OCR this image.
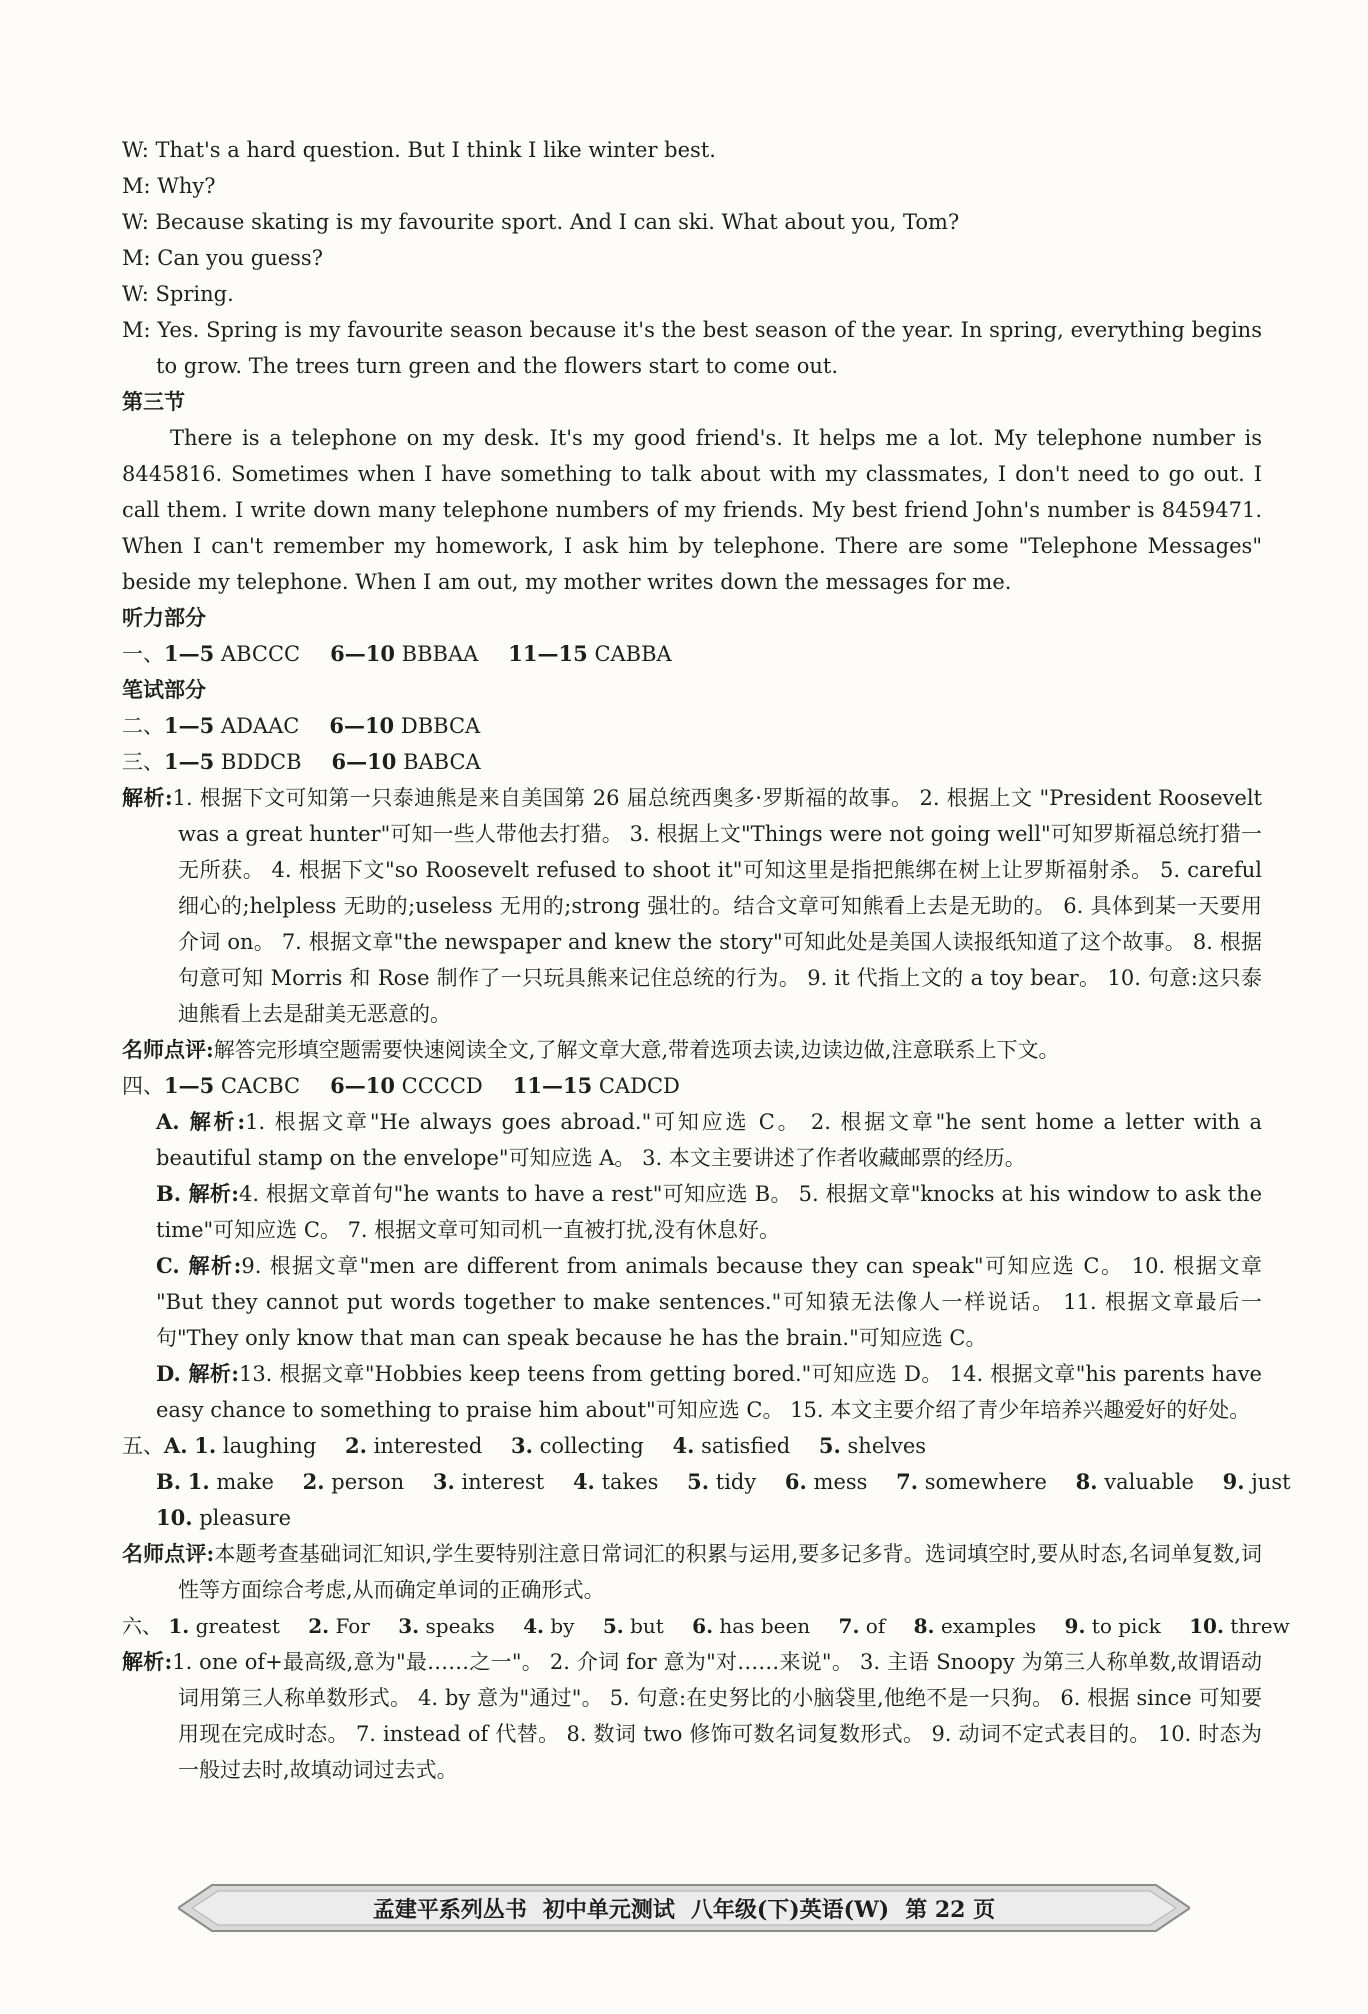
W: That's a hard question. But I think I like winter best.
M: Why?
W: Because skating is my favourite sport. And I can ski. What about you, Tom?
M: Can you guess?
W: Spring.
M: Yes. Spring is my favourite season because it's the best season of the year. In spring, everything begins to grow. The trees turn green and the flowers start to come out.
第三节
There is a telephone on my desk. It's my good friend's. It helps me a lot. My telephone number is 8445816. Sometimes when I have something to talk about with my classmates, I don't need to go out. I call them. I write down many telephone numbers of my friends. My best friend John's number is 8459471. When I can't remember my homework, I ask him by telephone. There are some "Telephone Messages" beside my telephone. When I am out, my mother writes down the messages for me.
听力部分
一、1—5 ABCCC 6—10 BBBAA 11—15 CABBA
笔试部分
二、1—5 ADAAC 6—10 DBBCA
三、1—5 BDDCB 6—10 BABCA
解析:1. 根据下文可知第一只泰迪熊是来自美国第 26 届总统西奥多·罗斯福的故事。 2. 根据上文 "President Roosevelt was a great hunter"可知一些人带他去打猎。 3. 根据上文"Things were not going well"可知罗斯福总统打猎一无所获。 4. 根据下文"so Roosevelt refused to shoot it"可知这里是指把熊绑在树上让罗斯福射杀。 5. careful 细心的;helpless 无助的;useless 无用的;strong 强壮的。结合文章可知熊看上去是无助的。 6. 具体到某一天要用介词 on。 7. 根据文章"the newspaper and knew the story"可知此处是美国人读报纸知道了这个故事。 8. 根据句意可知 Morris 和 Rose 制作了一只玩具熊来记住总统的行为。 9. it 代指上文的 a toy bear。 10. 句意:这只泰迪熊看上去是甜美无恶意的。
名师点评:解答完形填空题需要快速阅读全文,了解文章大意,带着选项去读,边读边做,注意联系上下文。
四、1—5 CACBC 6—10 CCCCD 11—15 CADCD
A. 解析:1. 根据文章"He always goes abroad."可知应选 C。 2. 根据文章"he sent home a letter with a beautiful stamp on the envelope"可知应选 A。 3. 本文主要讲述了作者收藏邮票的经历。
B. 解析:4. 根据文章首句"he wants to have a rest"可知应选 B。 5. 根据文章"knocks at his window to ask the time"可知应选 C。 7. 根据文章可知司机一直被打扰,没有休息好。
C. 解析:9. 根据文章"men are different from animals because they can speak"可知应选 C。 10. 根据文章 "But they cannot put words together to make sentences."可知猿无法像人一样说话。 11. 根据文章最后一句"They only know that man can speak because he has the brain."可知应选 C。
D. 解析:13. 根据文章"Hobbies keep teens from getting bored."可知应选 D。 14. 根据文章"his parents have easy chance to something to praise him about"可知应选 C。 15. 本文主要介绍了青少年培养兴趣爱好的好处。
五、A. 1. laughing 2. interested 3. collecting 4. satisfied 5. shelves
B. 1. make 2. person 3. interest 4. takes 5. tidy 6. mess 7. somewhere 8. valuable 9. just
10. pleasure
名师点评:本题考查基础词汇知识,学生要特别注意日常词汇的积累与运用,要多记多背。选词填空时,要从时态,名词单复数,词性等方面综合考虑,从而确定单词的正确形式。
六、 1. greatest 2. For 3. speaks 4. by 5. but 6. has been 7. of 8. examples 9. to pick 10. threw
解析:1. one of+最高级,意为"最……之一"。 2. 介词 for 意为"对……来说"。 3. 主语 Snoopy 为第三人称单数,故谓语动词用第三人称单数形式。 4. by 意为"通过"。 5. 句意:在史努比的小脑袋里,他绝不是一只狗。 6. 根据 since 可知要用现在完成时态。 7. instead of 代替。 8. 数词 two 修饰可数名词复数形式。 9. 动词不定式表目的。 10. 时态为一般过去时,故填动词过去式。
孟建平系列丛书 初中单元测试 八年级(下)英语(W) 第 22 页
